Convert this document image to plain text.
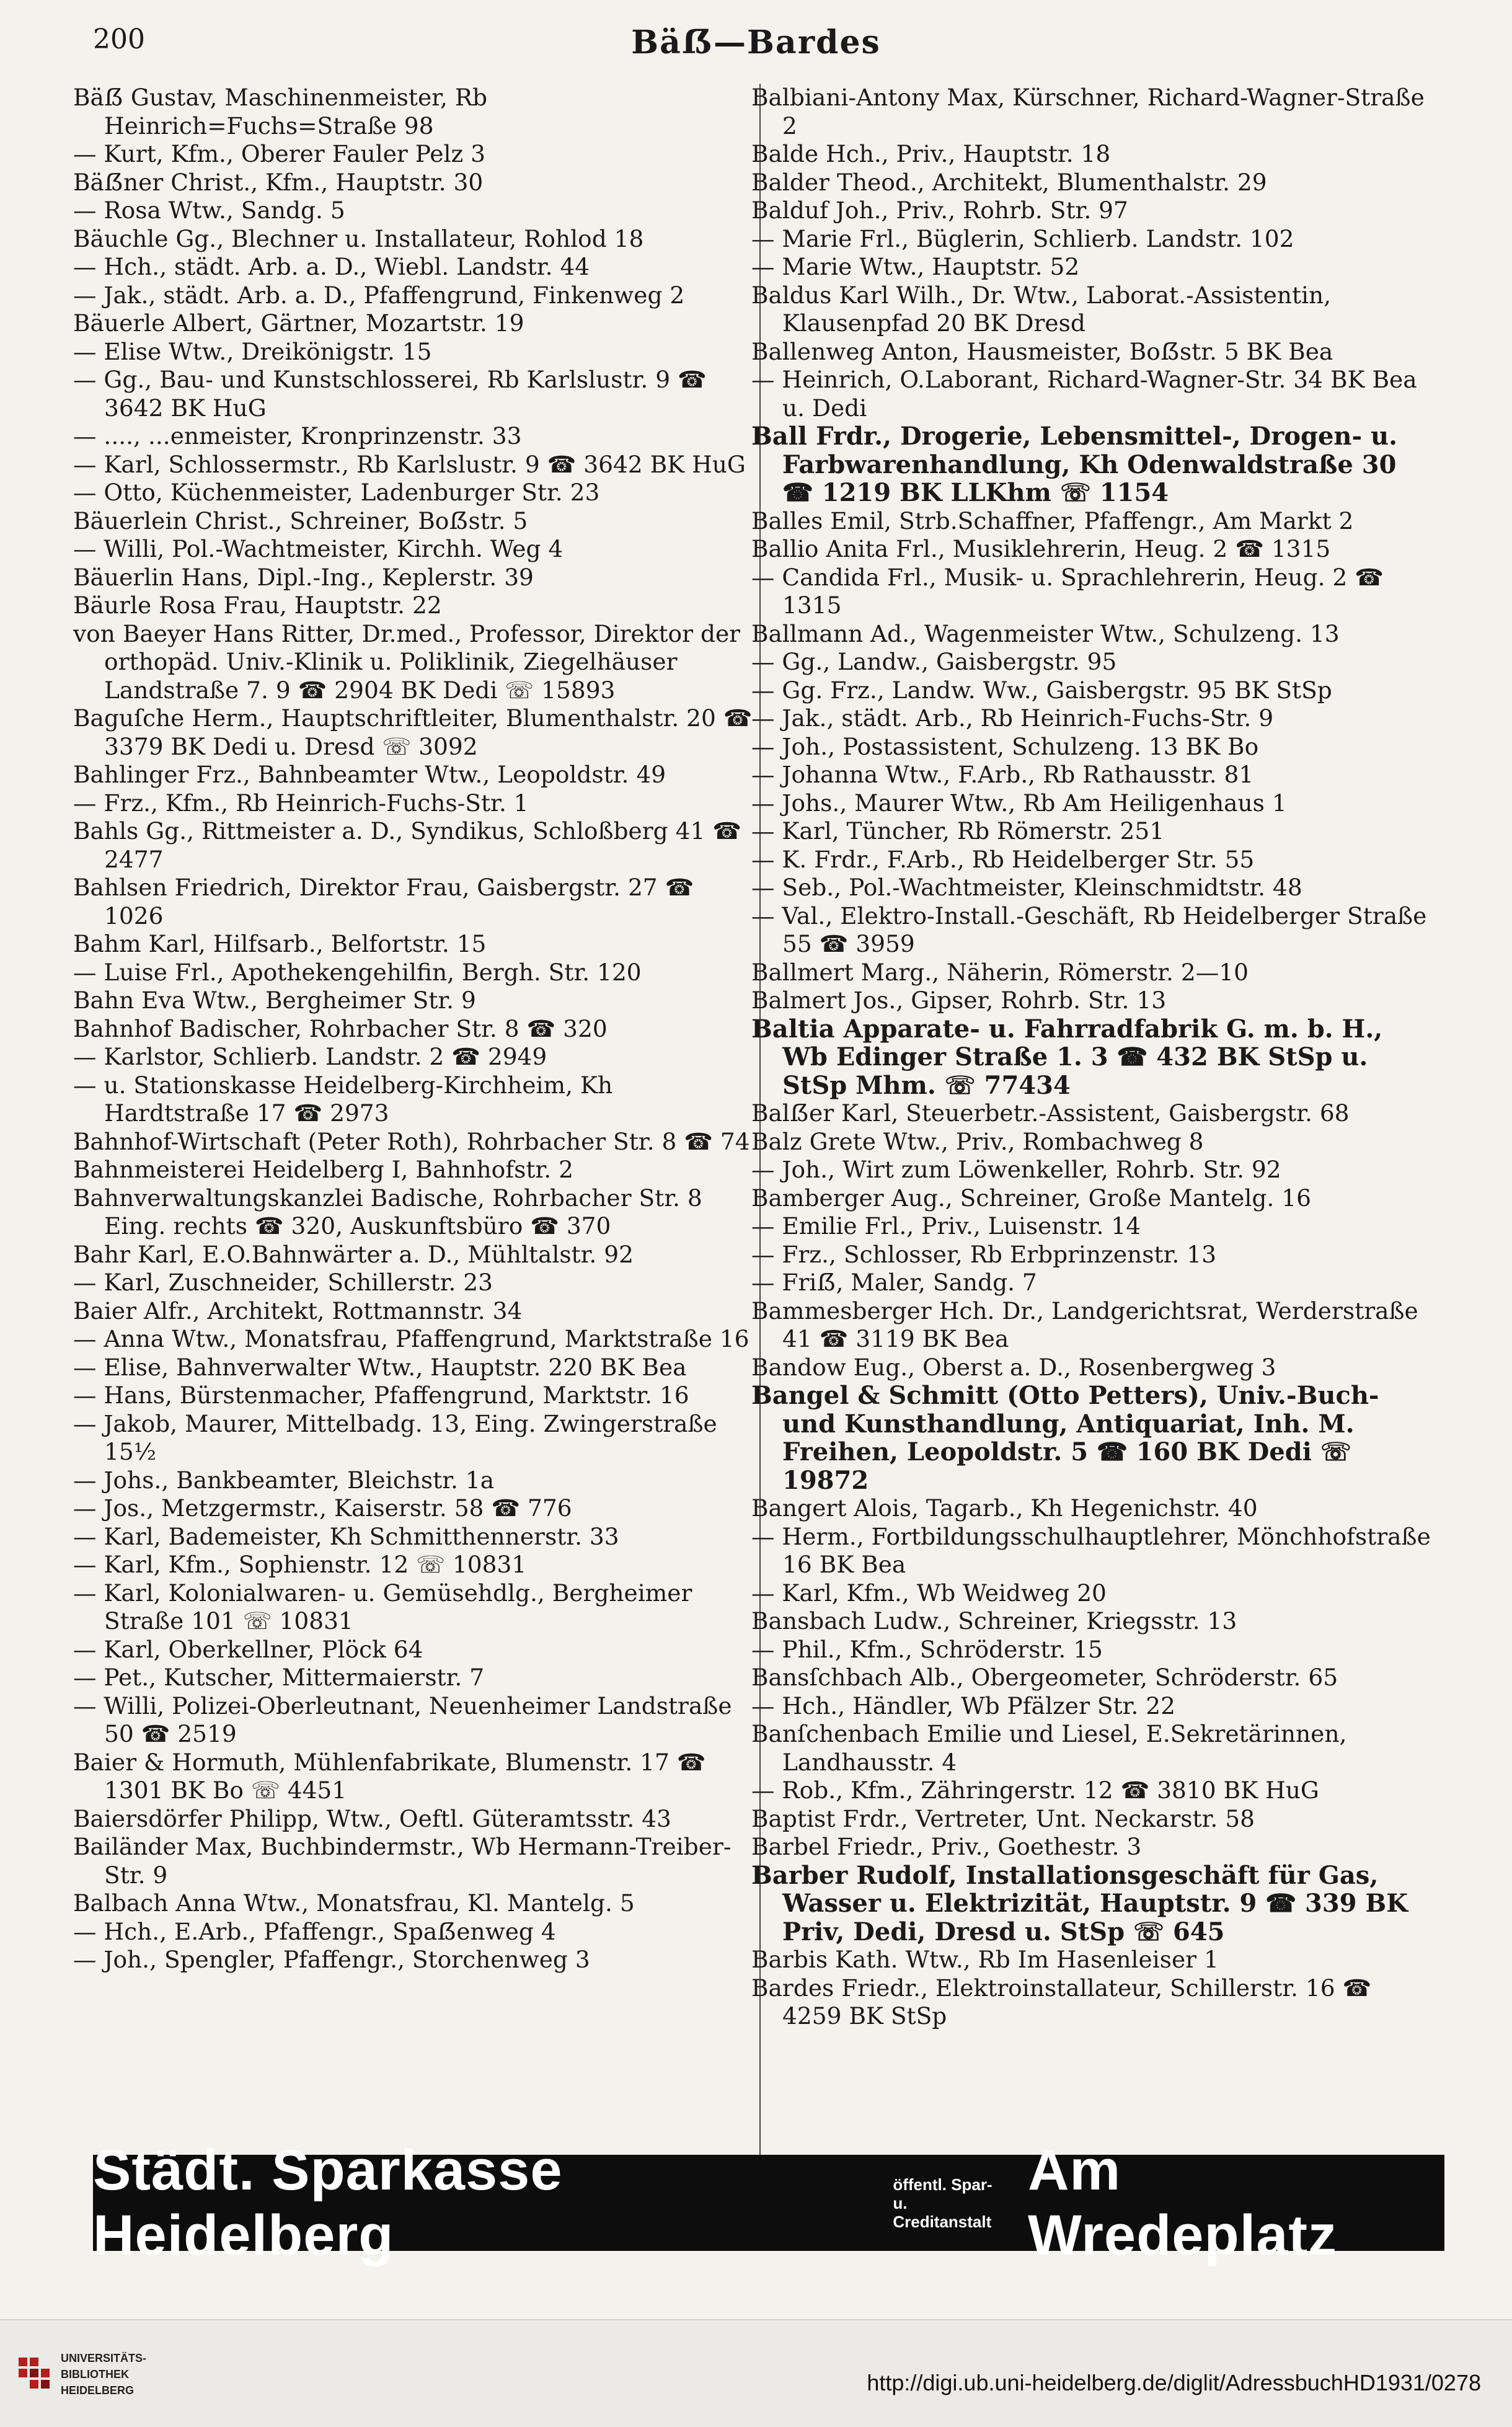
200	Bäẞ—Bardes

Bäẞ Gustav, Maschinenmeister, Rb Heinrich=Fuchs=Straße 98

— Kurt, Kfm., Oberer Fauler Pelz 3

Bäẞner Christ., Kfm., Hauptstr. 30

— Rosa Wtw., Sandg. 5

Bäuchle Gg., Blechner u. Installateur, Rohlod 18

— Hch., städt. Arb. a. D., Wiebl. Landstr. 44

— Jak., städt. Arb. a. D., Pfaffengrund, Finkenweg 2

Bäuerle Albert, Gärtner, Mozartstr. 19

— Elise Wtw., Dreikönigstr. 15

— Gg., Bau- und Kunstschlosserei, Rb Karlslustr. 9 ☎ 3642 BK HuG

— ...., ...enmeister, Kronprinzenstr. 33

— Karl, Schlossermstr., Rb Karlslustr. 9 ☎ 3642 BK HuG

— Otto, Küchenmeister, Ladenburger Str. 23

Bäuerlein Christ., Schreiner, Boẞstr. 5

— Willi, Pol.-Wachtmeister, Kirchh. Weg 4

Bäuerlin Hans, Dipl.-Ing., Keplerstr. 39

Bäurle Rosa Frau, Hauptstr. 22

von Baeyer Hans Ritter, Dr.med., Professor, Direktor der orthopäd. Univ.-Klinik u. Poliklinik, Ziegelhäuser Landstraße 7. 9 ☎ 2904 BK Dedi ☏ 15893

Baguſche Herm., Hauptschriftleiter, Blumenthalstr. 20 ☎ 3379 BK Dedi u. Dresd ☏ 3092

Bahlinger Frz., Bahnbeamter Wtw., Leopoldstr. 49

— Frz., Kfm., Rb Heinrich-Fuchs-Str. 1

Bahls Gg., Rittmeister a. D., Syndikus, Schloßberg 41 ☎ 2477

Bahlsen Friedrich, Direktor Frau, Gaisbergstr. 27 ☎ 1026

Bahm Karl, Hilfsarb., Belfortstr. 15

— Luise Frl., Apothekengehilfin, Bergh. Str. 120

Bahn Eva Wtw., Bergheimer Str. 9

Bahnhof Badischer, Rohrbacher Str. 8 ☎ 320

— Karlstor, Schlierb. Landstr. 2 ☎ 2949

— u. Stationskasse Heidelberg-Kirchheim, Kh Hardtstraße 17 ☎ 2973

Bahnhof-Wirtschaft (Peter Roth), Rohrbacher Str. 8 ☎ 74

Bahnmeisterei Heidelberg I, Bahnhofstr. 2

Bahnverwaltungskanzlei Badische, Rohrbacher Str. 8 Eing. rechts ☎ 320, Auskunftsbüro ☎ 370

Bahr Karl, E.O.Bahnwärter a. D., Mühltalstr. 92

— Karl, Zuschneider, Schillerstr. 23

Baier Alfr., Architekt, Rottmannstr. 34

— Anna Wtw., Monatsfrau, Pfaffengrund, Marktstraße 16

— Elise, Bahnverwalter Wtw., Hauptstr. 220 BK Bea

— Hans, Bürstenmacher, Pfaffengrund, Marktstr. 16

— Jakob, Maurer, Mittelbadg. 13, Eing. Zwingerstraße 15½

— Johs., Bankbeamter, Bleichstr. 1a

— Jos., Metzgermstr., Kaiserstr. 58 ☎ 776

— Karl, Bademeister, Kh Schmitthennerstr. 33

— Karl, Kfm., Sophienstr. 12 ☏ 10831

— Karl, Kolonialwaren- u. Gemüsehdlg., Bergheimer Straße 101 ☏ 10831

— Karl, Oberkellner, Plöck 64

— Pet., Kutscher, Mittermaierstr. 7

— Willi, Polizei-Oberleutnant, Neuenheimer Landstraße 50 ☎ 2519

Baier & Hormuth, Mühlenfabrikate, Blumenstr. 17 ☎ 1301 BK Bo ☏ 4451

Baiersdörfer Philipp, Wtw., Oeftl. Güteramtsstr. 43

Bailänder Max, Buchbindermstr., Wb Hermann-Treiber-Str. 9

Balbach Anna Wtw., Monatsfrau, Kl. Mantelg. 5

— Hch., E.Arb., Pfaffengr., Spaẞenweg 4

— Joh., Spengler, Pfaffengr., Storchenweg 3

Balbiani-Antony Max, Kürschner, Richard-Wagner-Straße 2

Balde Hch., Priv., Hauptstr. 18

Balder Theod., Architekt, Blumenthalstr. 29

Balduf Joh., Priv., Rohrb. Str. 97

— Marie Frl., Büglerin, Schlierb. Landstr. 102

— Marie Wtw., Hauptstr. 52

Baldus Karl Wilh., Dr. Wtw., Laborat.-Assistentin, Klausenpfad 20 BK Dresd

Ballenweg Anton, Hausmeister, Boẞstr. 5 BK Bea

— Heinrich, O.Laborant, Richard-Wagner-Str. 34 BK Bea u. Dedi

Ball Frdr., Drogerie, Lebensmittel-, Drogen- u. Farbwarenhandlung, Kh Odenwaldstraße 30 ☎ 1219 BK LLKhm ☏ 1154

Balles Emil, Strb.Schaffner, Pfaffengr., Am Markt 2

Ballio Anita Frl., Musiklehrerin, Heug. 2 ☎ 1315

— Candida Frl., Musik- u. Sprachlehrerin, Heug. 2 ☎ 1315

Ballmann Ad., Wagenmeister Wtw., Schulzeng. 13

— Gg., Landw., Gaisbergstr. 95

— Gg. Frz., Landw. Ww., Gaisbergstr. 95 BK StSp

— Jak., städt. Arb., Rb Heinrich-Fuchs-Str. 9

— Joh., Postassistent, Schulzeng. 13 BK Bo

— Johanna Wtw., F.Arb., Rb Rathausstr. 81

— Johs., Maurer Wtw., Rb Am Heiligenhaus 1

— Karl, Tüncher, Rb Römerstr. 251

— K. Frdr., F.Arb., Rb Heidelberger Str. 55

— Seb., Pol.-Wachtmeister, Kleinschmidtstr. 48

— Val., Elektro-Install.-Geschäft, Rb Heidelberger Straße 55 ☎ 3959

Ballmert Marg., Näherin, Römerstr. 2—10

Balmert Jos., Gipser, Rohrb. Str. 13

Baltia Apparate- u. Fahrradfabrik G. m. b. H., Wb Edinger Straße 1. 3 ☎ 432 BK StSp u. StSp Mhm. ☏ 77434

Balẞer Karl, Steuerbetr.-Assistent, Gaisbergstr. 68

Balz Grete Wtw., Priv., Rombachweg 8

— Joh., Wirt zum Löwenkeller, Rohrb. Str. 92

Bamberger Aug., Schreiner, Große Mantelg. 16

— Emilie Frl., Priv., Luisenstr. 14

— Frz., Schlosser, Rb Erbprinzenstr. 13

— Friẞ, Maler, Sandg. 7

Bammesberger Hch. Dr., Landgerichtsrat, Werderstraße 41 ☎ 3119 BK Bea

Bandow Eug., Oberst a. D., Rosenbergweg 3

Bangel & Schmitt (Otto Petters), Univ.-Buch- und Kunsthandlung, Antiquariat, Inh. M. Freihen, Leopoldstr. 5 ☎ 160 BK Dedi ☏ 19872

Bangert Alois, Tagarb., Kh Hegenichstr. 40

— Herm., Fortbildungsschulhauptlehrer, Mönchhofstraße 16 BK Bea

— Karl, Kfm., Wb Weidweg 20

Bansbach Ludw., Schreiner, Kriegsstr. 13

— Phil., Kfm., Schröderstr. 15

Bansſchbach Alb., Obergeometer, Schröderstr. 65

— Hch., Händler, Wb Pfälzer Str. 22

Banſchenbach Emilie und Liesel, E.Sekretärinnen, Landhausstr. 4

— Rob., Kfm., Zähringerstr. 12 ☎ 3810 BK HuG

Baptist Frdr., Vertreter, Unt. Neckarstr. 58

Barbel Friedr., Priv., Goethestr. 3

Barber Rudolf, Installationsgeschäft für Gas, Wasser u. Elektrizität, Hauptstr. 9 ☎ 339 BK Priv, Dedi, Dresd u. StSp ☏ 645

Barbis Kath. Wtw., Rb Im Hasenleiser 1

Bardes Friedr., Elektroinstallateur, Schillerstr. 16 ☎ 4259 BK StSp

Städt. Sparkasse Heidelberg
öffentl. Spar- u.
Creditanstalt
Am Wredeplatz
UNIVERSITÄTS-
BIBLIOTHEK
HEIDELBERG	http://digi.ub.uni-heidelberg.de/diglit/AdressbuchHD1931/0278
